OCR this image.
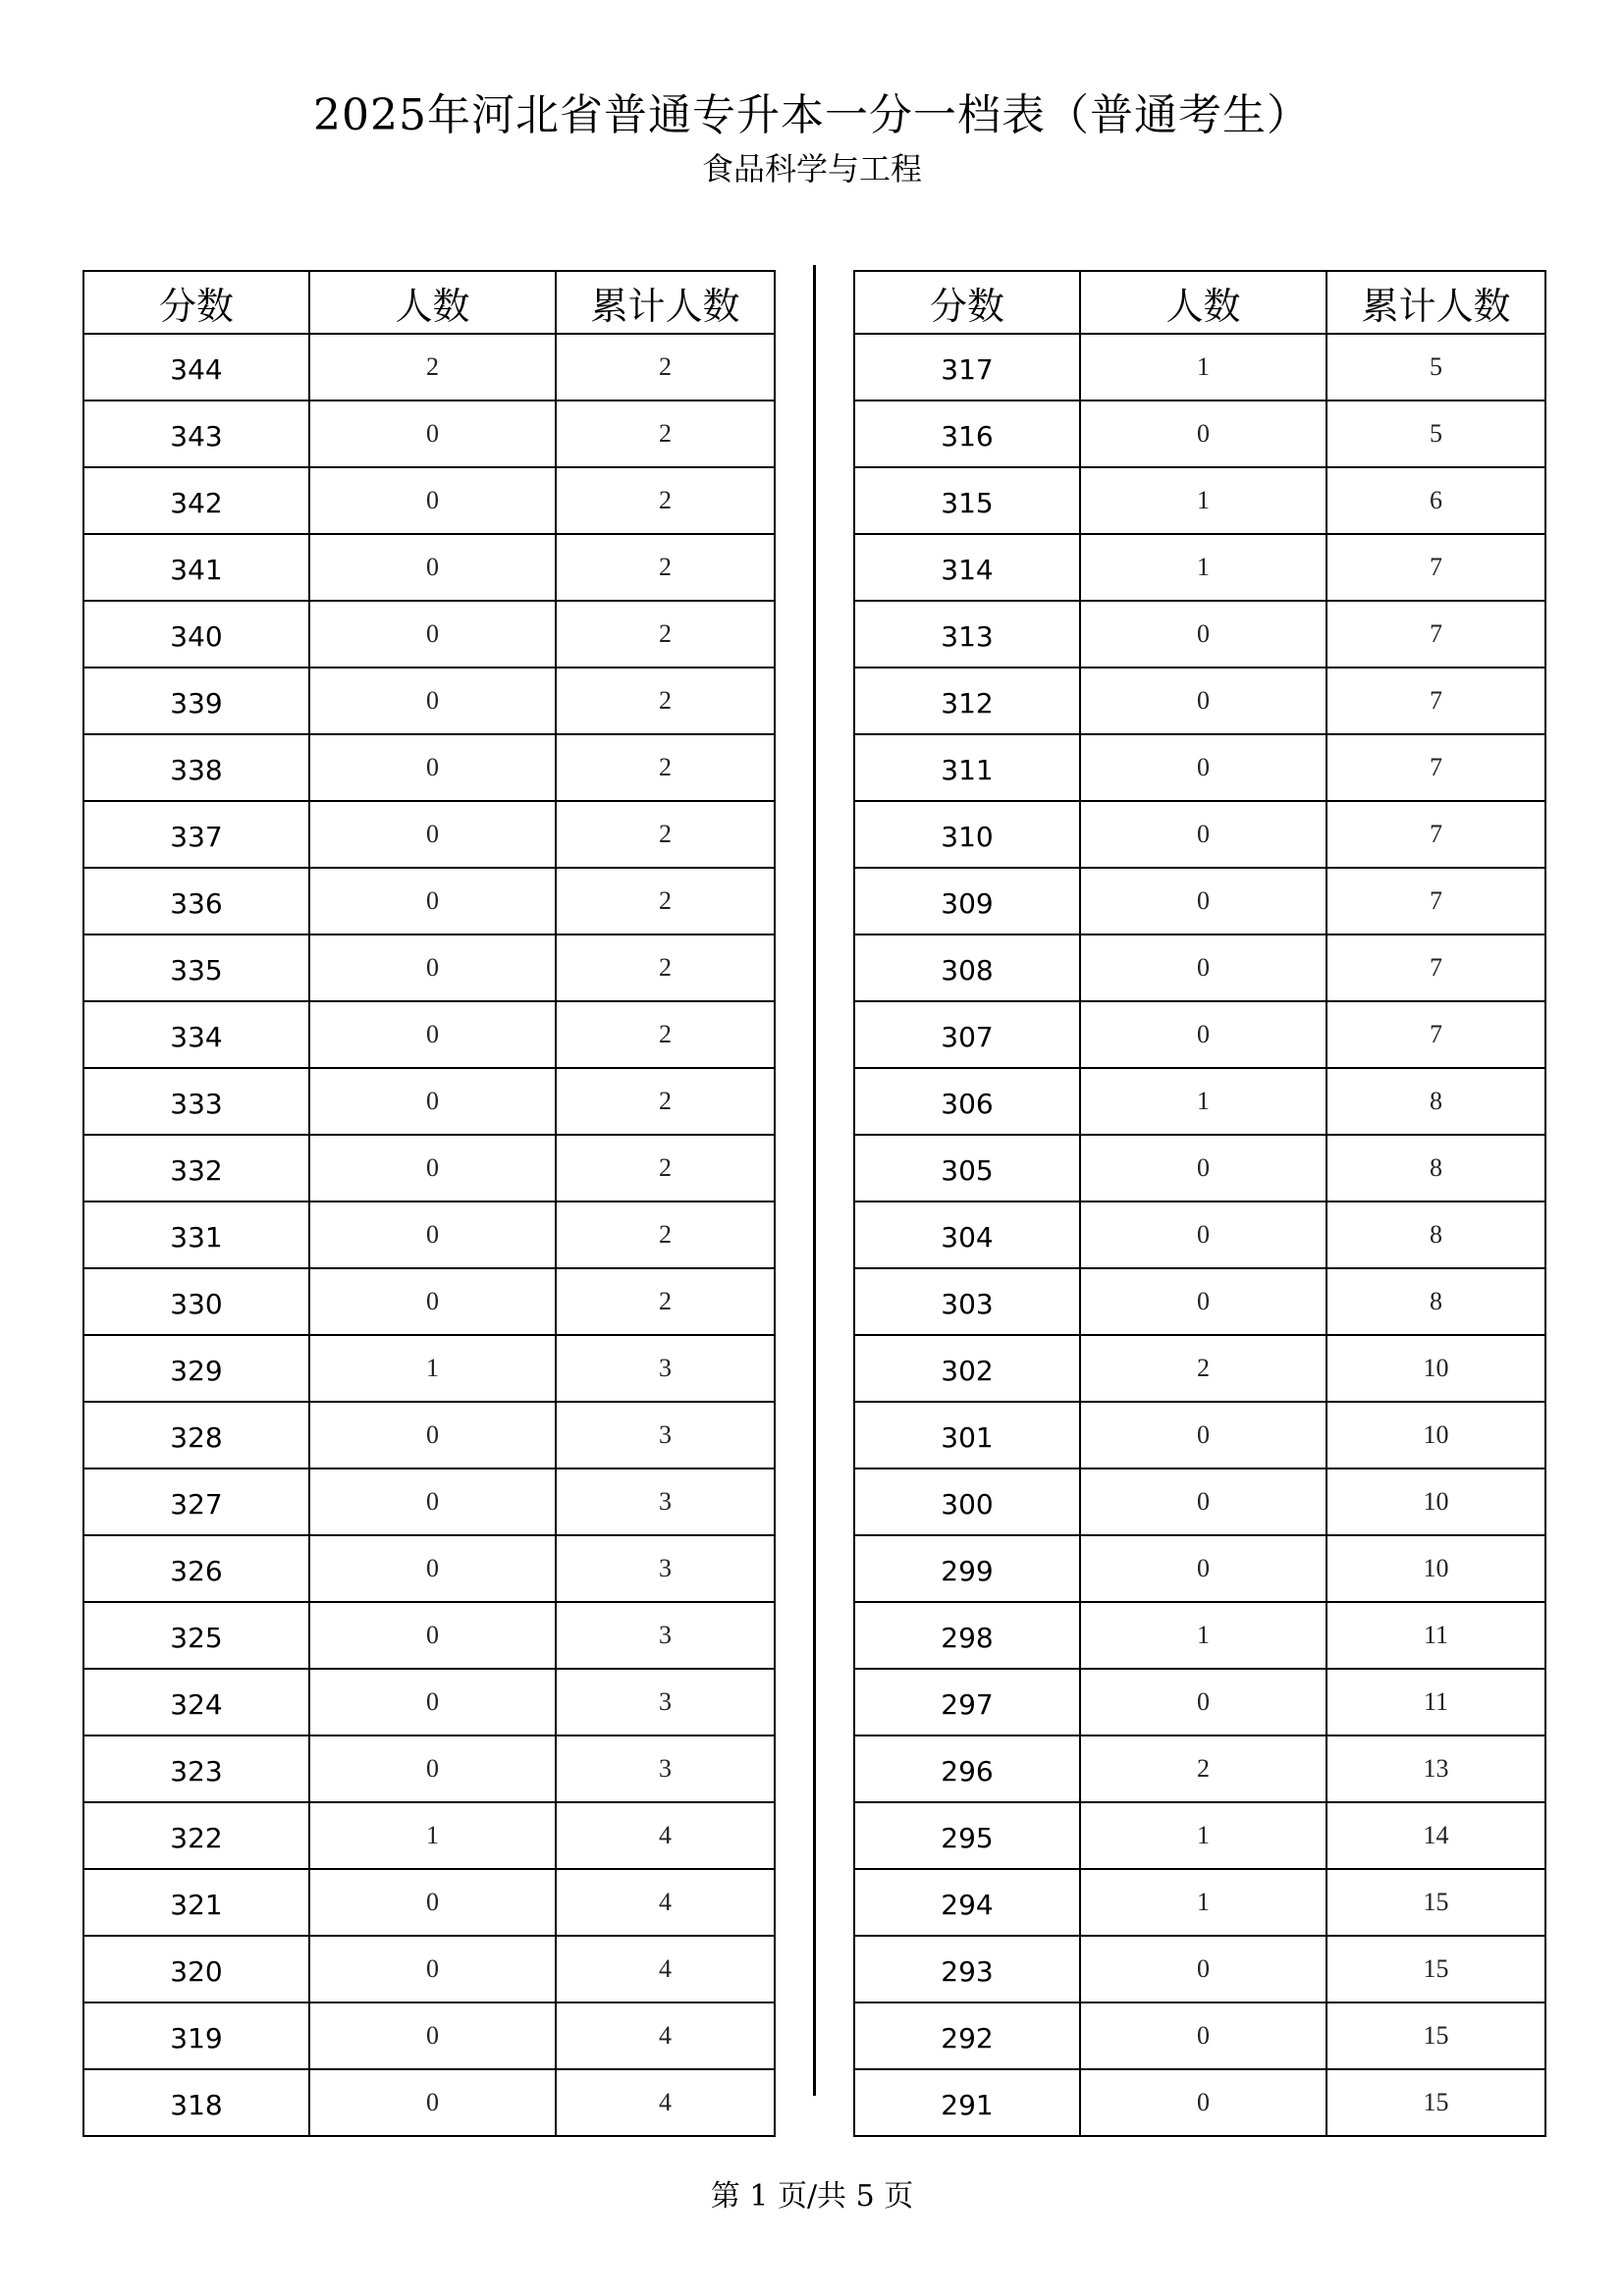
2025年河北省普通专升本一分一档表（普通考生）
食品科学与工程
分数	人数	累计人数
344	2	2
343	0	2
342	0	2
341	0	2
340	0	2
339	0	2
338	0	2
337	0	2
336	0	2
335	0	2
334	0	2
333	0	2
332	0	2
331	0	2
330	0	2
329	1	3
328	0	3
327	0	3
326	0	3
325	0	3
324	0	3
323	0	3
322	1	4
321	0	4
320	0	4
319	0	4
318	0	4
分数	人数	累计人数
317	1	5
316	0	5
315	1	6
314	1	7
313	0	7
312	0	7
311	0	7
310	0	7
309	0	7
308	0	7
307	0	7
306	1	8
305	0	8
304	0	8
303	0	8
302	2	10
301	0	10
300	0	10
299	0	10
298	1	11
297	0	11
296	2	13
295	1	14
294	1	15
293	0	15
292	0	15
291	0	15
第 1 页/共 5 页
